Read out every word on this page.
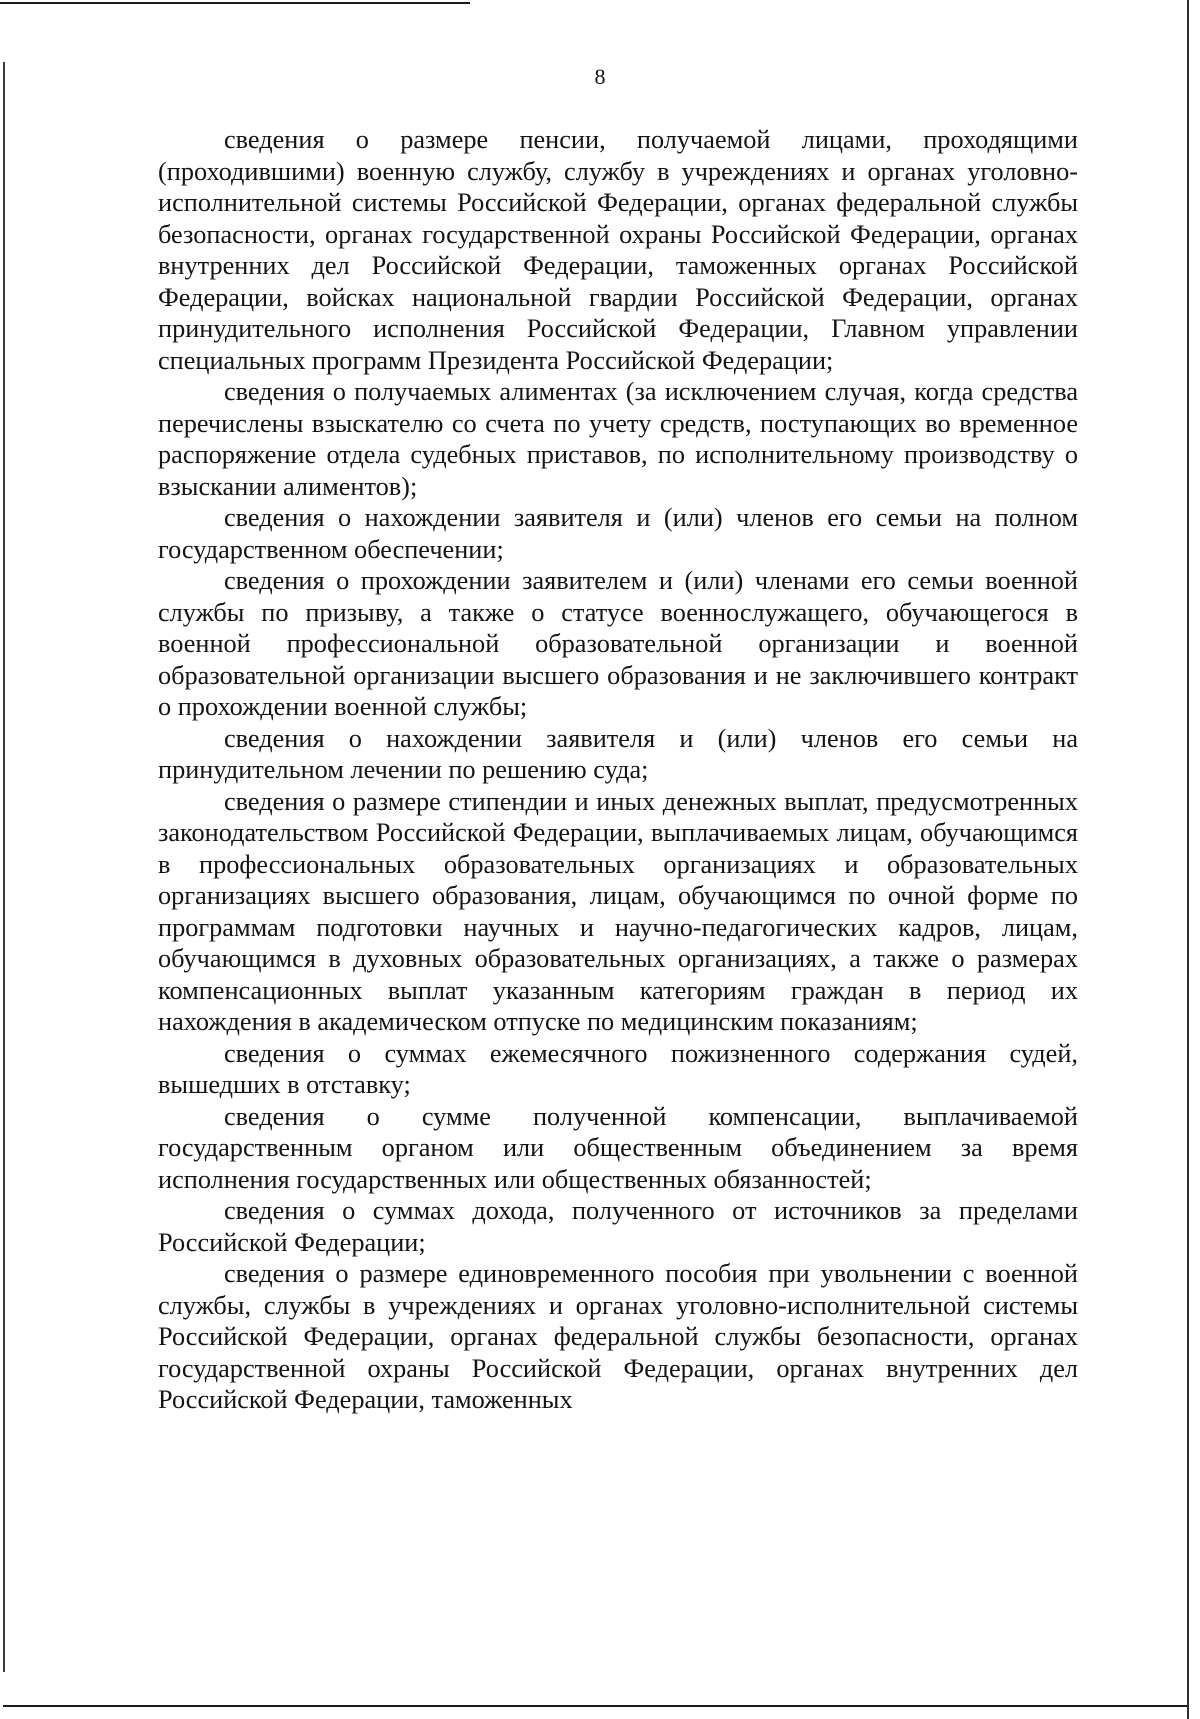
8

сведения о размере пенсии, получаемой лицами, проходящими (проходившими) военную службу, службу в учреждениях и органах уголовно-исполнительной системы Российской Федерации, органах федеральной службы безопасности, органах государственной охраны Российской Федерации, органах внутренних дел Российской Федерации, таможенных органах Российской Федерации, войсках национальной гвардии Российской Федерации, органах принудительного исполнения Российской Федерации, Главном управлении специальных программ Президента Российской Федерации;

сведения о получаемых алиментах (за исключением случая, когда средства перечислены взыскателю со счета по учету средств, поступающих во временное распоряжение отдела судебных приставов, по исполнительному производству о взыскании алиментов);

сведения о нахождении заявителя и (или) членов его семьи на полном государственном обеспечении;

сведения о прохождении заявителем и (или) членами его семьи военной службы по призыву, а также о статусе военнослужащего, обучающегося в военной профессиональной образовательной организации и военной образовательной организации высшего образования и не заключившего контракт о прохождении военной службы;

сведения о нахождении заявителя и (или) членов его семьи на принудительном лечении по решению суда;

сведения о размере стипендии и иных денежных выплат, предусмотренных законодательством Российской Федерации, выплачиваемых лицам, обучающимся в профессиональных образовательных организациях и образовательных организациях высшего образования, лицам, обучающимся по очной форме по программам подготовки научных и научно-педагогических кадров, лицам, обучающимся в духовных образовательных организациях, а также о размерах компенсационных выплат указанным категориям граждан в период их нахождения в академическом отпуске по медицинским показаниям;

сведения о суммах ежемесячного пожизненного содержания судей, вышедших в отставку;

сведения о сумме полученной компенсации, выплачиваемой государственным органом или общественным объединением за время исполнения государственных или общественных обязанностей;

сведения о суммах дохода, полученного от источников за пределами Российской Федерации;

сведения о размере единовременного пособия при увольнении с военной службы, службы в учреждениях и органах уголовно-исполнительной системы Российской Федерации, органах федеральной службы безопасности, органах государственной охраны Российской Федерации, органах внутренних дел Российской Федерации, таможенных
